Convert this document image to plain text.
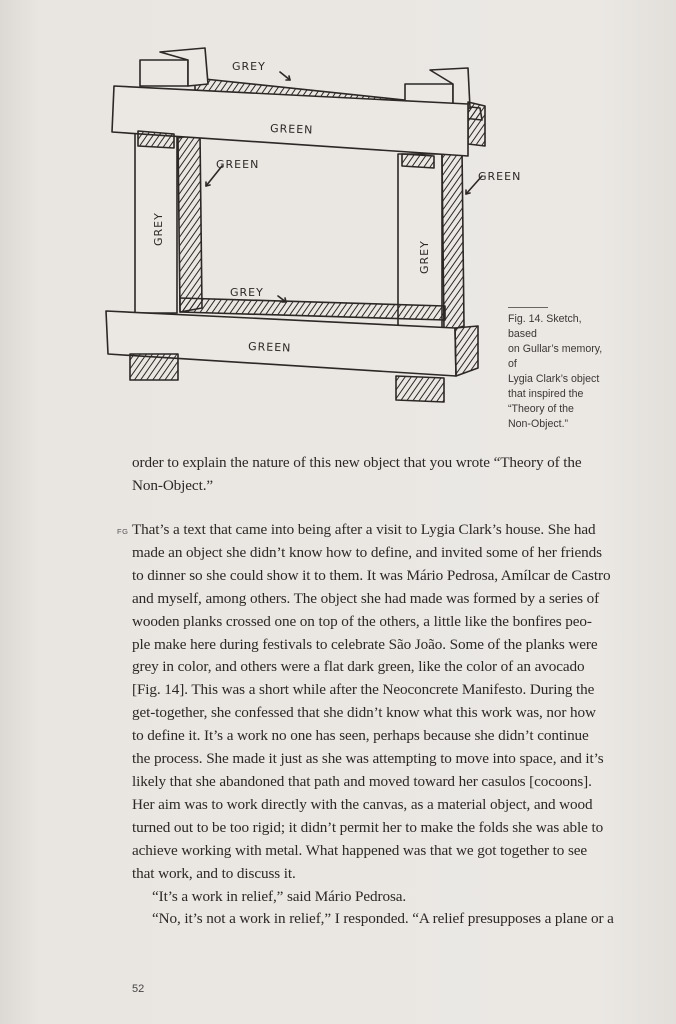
GREY
GREEN
GREEN
GREEN
GREY
GREY
GREY
GREEN
Fig. 14. Sketch, based
on Gullar’s memory, of
Lygia Clark’s object
that inspired the
“Theory of the
Non-Object.”
order to explain the nature of this new object that you wrote “Theory of the
Non-Object.”
FG That’s a text that came into being after a visit to Lygia Clark’s house. She had
made an object she didn’t know how to define, and invited some of her friends
to dinner so she could show it to them. It was Mário Pedrosa, Amílcar de Castro
and myself, among others. The object she had made was formed by a series of
wooden planks crossed one on top of the others, a little like the bonfires peo-
ple make here during festivals to celebrate São João. Some of the planks were
grey in color, and others were a flat dark green, like the color of an avocado
[Fig. 14]. This was a short while after the Neoconcrete Manifesto. During the
get-together, she confessed that she didn’t know what this work was, nor how
to define it. It’s a work no one has seen, perhaps because she didn’t continue
the process. She made it just as she was attempting to move into space, and it’s
likely that she abandoned that path and moved toward her casulos [cocoons].
Her aim was to work directly with the canvas, as a material object, and wood
turned out to be too rigid; it didn’t permit her to make the folds she was able to
achieve working with metal. What happened was that we got together to see
that work, and to discuss it.
“It’s a work in relief,” said Mário Pedrosa.
“No, it’s not a work in relief,” I responded. “A relief presupposes a plane or a
52
